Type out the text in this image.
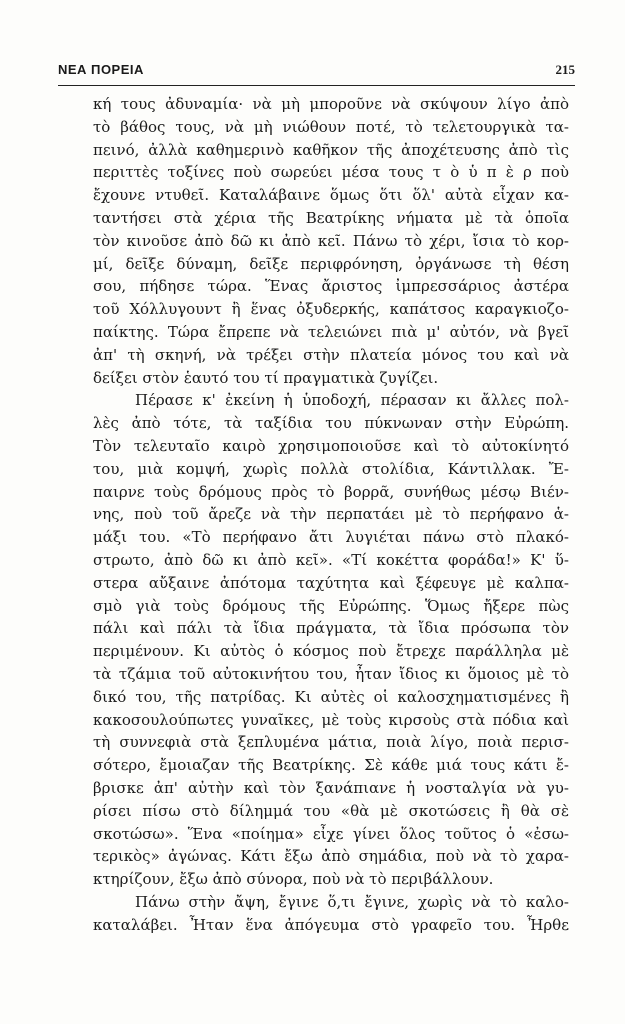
ΝΕΑ ΠΟΡΕΙΑ	215
κή τους ἀδυναμία· νὰ μὴ μποροῦνε νὰ σκύψουν λίγο ἀπὸ
τὸ βάθος τους, νὰ μὴ νιώθουν ποτέ, τὸ τελετουργικὰ τα-
πεινό, ἀλλὰ καθημερινὸ καθῆκον τῆς ἀποχέτευσης ἀπὸ τὶς
περιττὲς τοξίνες ποὺ σωρεύει μέσα τους τ ὸ ὑ π ὲ ρ ποὺ
ἔχουνε ντυθεῖ. Καταλάβαινε ὅμως ὅτι ὅλ' αὐτὰ εἶχαν κα-
ταντήσει στὰ χέρια τῆς Βεατρίκης νήματα μὲ τὰ ὁποῖα
τὸν κινοῦσε ἀπὸ δῶ κι ἀπὸ κεῖ. Πάνω τὸ χέρι, ἴσια τὸ κορ-
μί, δεῖξε δύναμη, δεῖξε περιφρόνηση, ὀργάνωσε τὴ θέση
σου, πήδησε τώρα. Ἕνας ἄριστος ἰμπρεσσάριος ἀστέρα
τοῦ Χόλλυγουντ ἢ ἕνας ὀξυδερκής, καπάτσος καραγκιοζο-
παίκτης. Τώρα ἔπρεπε νὰ τελειώνει πιὰ μ' αὐτόν, νὰ βγεῖ
ἀπ' τὴ σκηνή, νὰ τρέξει στὴν πλατεία μόνος του καὶ νὰ
δείξει στὸν ἑαυτό του τί πραγματικὰ ζυγίζει.
Πέρασε κ' ἐκείνη ἡ ὑποδοχή, πέρασαν κι ἄλλες πολ-
λὲς ἀπὸ τότε, τὰ ταξίδια του πύκνωναν στὴν Εὐρώπη.
Τὸν τελευταῖο καιρὸ χρησιμοποιοῦσε καὶ τὸ αὐτοκίνητό
του, μιὰ κομψή, χωρὶς πολλὰ στολίδια, Κάντιλλακ. Ἔ-
παιρνε τοὺς δρόμους πρὸς τὸ βορρᾶ, συνήθως μέσῳ Βιέν-
νης, ποὺ τοῦ ἄρεζε νὰ τὴν περπατάει μὲ τὸ περήφανο ἁ-
μάξι του. «Τὸ περήφανο ἄτι λυγιέται πάνω στὸ πλακό-
στρωτο, ἀπὸ δῶ κι ἀπὸ κεῖ». «Τί κοκέττα φοράδα!» Κ' ὕ-
στερα αὔξαινε ἀπότομα ταχύτητα καὶ ξέφευγε μὲ καλπα-
σμὸ γιὰ τοὺς δρόμους τῆς Εὐρώπης. Ὅμως ἤξερε πὼς
πάλι καὶ πάλι τὰ ἴδια πράγματα, τὰ ἴδια πρόσωπα τὸν
περιμένουν. Κι αὐτὸς ὁ κόσμος ποὺ ἔτρεχε παράλληλα μὲ
τὰ τζάμια τοῦ αὐτοκινήτου του, ἦταν ἴδιος κι ὅμοιος μὲ τὸ
δικό του, τῆς πατρίδας. Κι αὐτὲς οἱ καλοσχηματισμένες ἢ
κακοσουλούπωτες γυναῖκες, μὲ τοὺς κιρσοὺς στὰ πόδια καὶ
τὴ συννεφιὰ στὰ ξεπλυμένα μάτια, ποιὰ λίγο, ποιὰ περισ-
σότερο, ἔμοιαζαν τῆς Βεατρίκης. Σὲ κάθε μιά τους κάτι ἔ-
βρισκε ἀπ' αὐτὴν καὶ τὸν ξανάπιανε ἡ νοσταλγία νὰ γυ-
ρίσει πίσω στὸ δίλημμά του «θὰ μὲ σκοτώσεις ἢ θὰ σὲ
σκοτώσω». Ἕνα «ποίημα» εἶχε γίνει ὅλος τοῦτος ὁ «ἐσω-
τερικὸς» ἀγώνας. Κάτι ἔξω ἀπὸ σημάδια, ποὺ νὰ τὸ χαρα-
κτηρίζουν, ἔξω ἀπὸ σύνορα, ποὺ νὰ τὸ περιβάλλουν.
Πάνω στὴν ἄψη, ἔγινε ὅ,τι ἔγινε, χωρὶς νὰ τὸ καλο-
καταλάβει. Ἦταν ἕνα ἀπόγευμα στὸ γραφεῖο του. Ἦρθε
